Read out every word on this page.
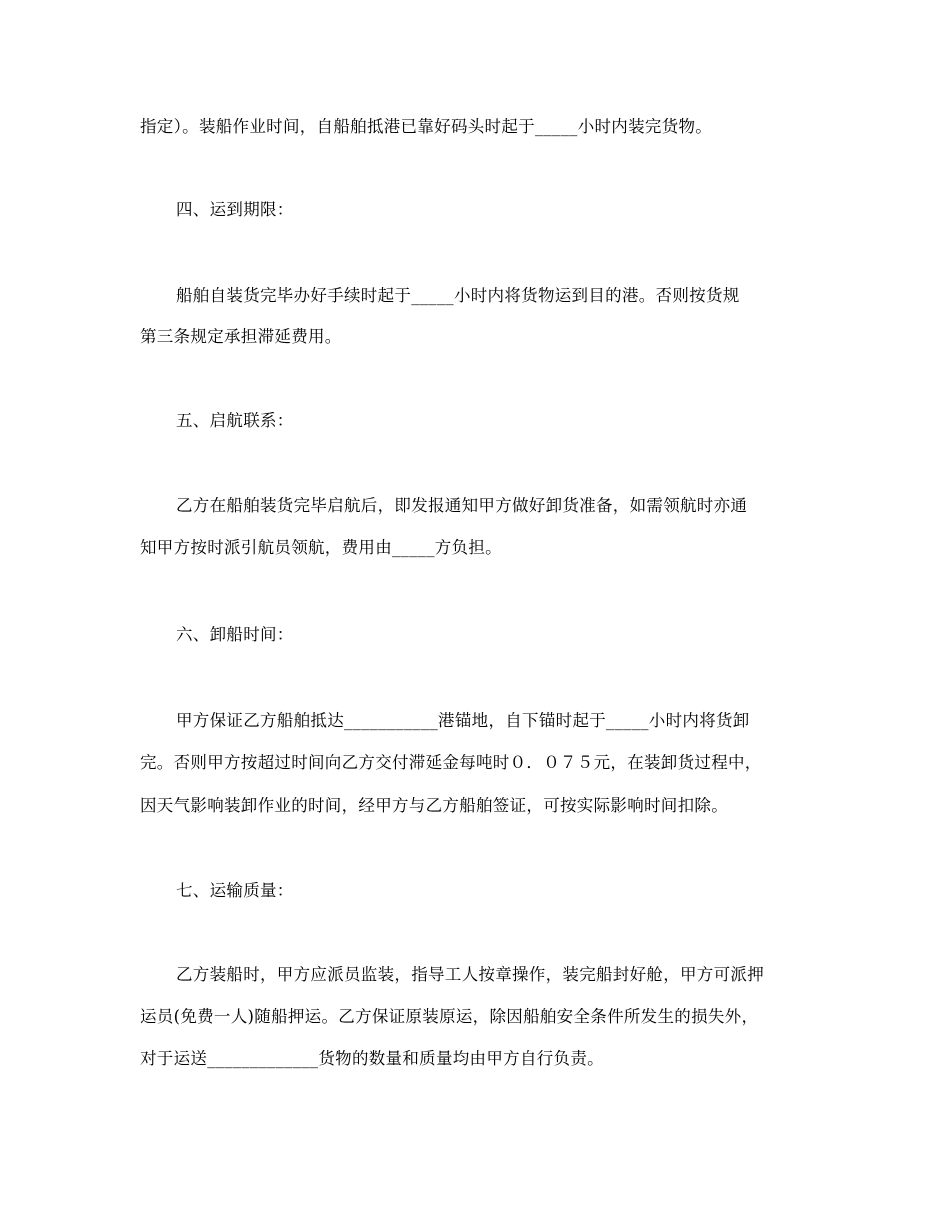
指定）。装船作业时间，自船舶抵港已靠好码头时起于_____小时内装完货物。
四、运到期限：
船舶自装货完毕办好手续时起于_____小时内将货物运到目的港。否则按货规
第三条规定承担滞延费用。
五、启航联系：
乙方在船舶装货完毕启航后，即发报通知甲方做好卸货准备，如需领航时亦通
知甲方按时派引航员领航，费用由_____方负担。
六、卸船时间：
甲方保证乙方船舶抵达___________港锚地，自下锚时起于_____小时内将货卸
完。否则甲方按超过时间向乙方交付滞延金每吨时０．０７５元，在装卸货过程中，
因天气影响装卸作业的时间，经甲方与乙方船舶签证，可按实际影响时间扣除。
七、运输质量：
乙方装船时，甲方应派员监装，指导工人按章操作，装完船封好舱，甲方可派押
运员(免费一人)随船押运。乙方保证原装原运，除因船舶安全条件所发生的损失外，
对于运送_____________货物的数量和质量均由甲方自行负责。
